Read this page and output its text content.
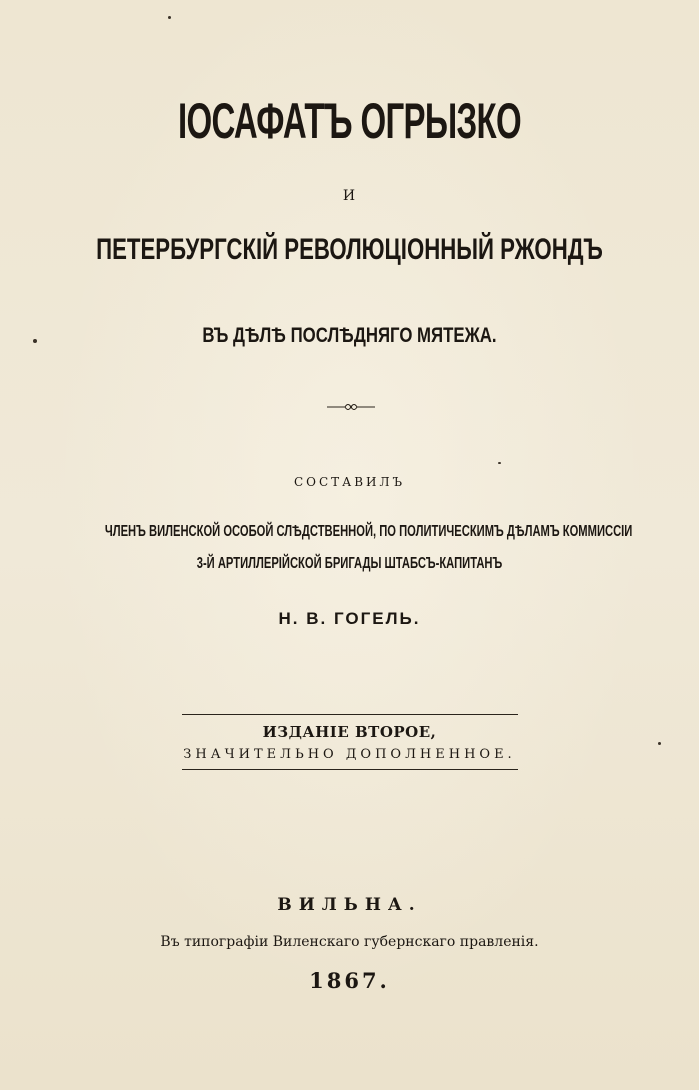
ІОСАФАТЪ ОГРЫЗКО

И

ПЕТЕРБУРГСКІЙ РЕВОЛЮЦІОННЫЙ РЖОНДЪ
ВЪ ДѢЛѢ ПОСЛѢДНЯГО МЯТЕЖА.

СОСТАВИЛЪ

ЧЛЕНЪ ВИЛЕНСКОЙ ОСОБОЙ СЛѢДСТВЕННОЙ, ПО ПОЛИТИЧЕСКИМЪ ДѢЛАМЪ КОММИССІИ

3-Й АРТИЛЛЕРІЙСКОЙ БРИГАДЫ ШТАБСЪ-КАПИТАНЪ

Н. В. ГОГЕЛЬ.

ИЗДАНІЕ ВТОРОЕ,

ЗНАЧИТЕЛЬНО ДОПОЛНЕННОЕ.

ВИЛЬНА.

Въ типографіи Виленскаго губернскаго правленія.

1867.
